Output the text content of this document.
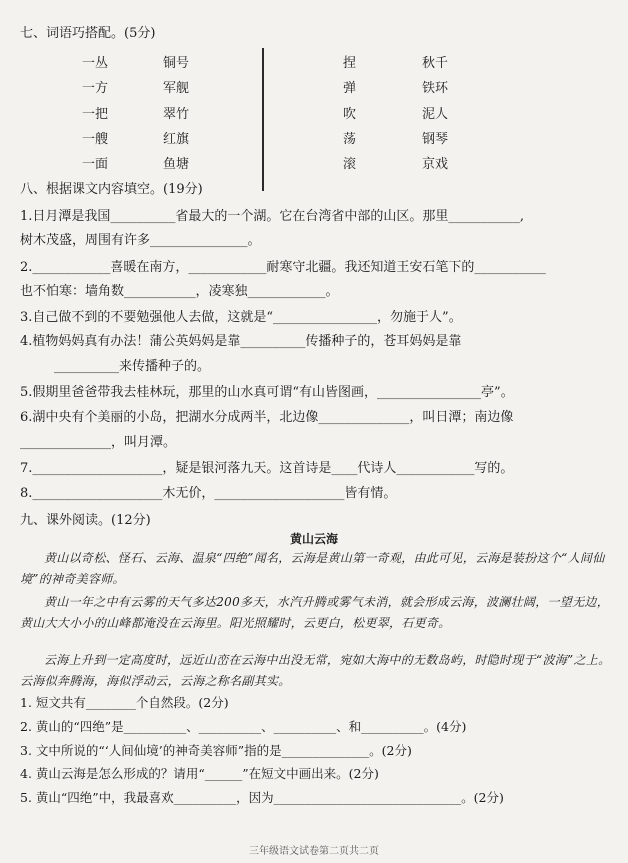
七、词语巧搭配。(5分)
一丛
一方
一把
一艘
一面
铜号
军舰
翠竹
红旗
鱼塘
捏
弹
吹
荡
滚
秋千
铁环
泥人
钢琴
京戏
八、根据课文内容填空。(19分)
1.日月潭是我国__________省最大的一个湖。它在台湾省中部的山区。那里___________,
树木茂盛，周围有许多_______________。
2.____________喜暖在南方，____________耐寒守北疆。我还知道王安石笔下的___________
也不怕寒：墙角数___________，凌寒独____________。
3.自己做不到的不要勉强他人去做，这就是“________________，勿施于人”。
4.植物妈妈真有办法！蒲公英妈妈是靠__________传播种子的，苍耳妈妈是靠
__________来传播种子的。
5.假期里爸爸带我去桂林玩，那里的山水真可谓“有山皆图画，________________亭”。
6.湖中央有个美丽的小岛，把湖水分成两半，北边像______________，叫日潭；南边像
______________，叫月潭。
7.____________________，疑是银河落九天。这首诗是____代诗人____________写的。
8.____________________木无价，____________________皆有情。
九、课外阅读。(12分)
黄山云海
黄山以奇松、怪石、云海、温泉“四绝”闻名，云海是黄山第一奇观，由此可见，云海是装扮这个“人间仙境”的神奇美容师。
黄山一年之中有云雾的天气多达200多天，水汽升腾或雾气未消，就会形成云海，波澜壮阔，一望无边，黄山大大小小的山峰都淹没在云海里。阳光照耀时，云更白，松更翠，石更奇。
云海上升到一定高度时，远近山峦在云海中出没无常，宛如大海中的无数岛屿，时隐时现于“波海”之上。云海似奔腾海，海似浮动云，云海之称名副其实。
1. 短文共有________个自然段。(2分)
2. 黄山的“四绝”是__________、__________、__________、和__________。(4分)
3. 文中所说的“‘人间仙境’的神奇美容师”指的是______________。(2分)
4. 黄山云海是怎么形成的？请用“______”在短文中画出来。(2分)
5. 黄山“四绝”中，我最喜欢__________，因为______________________________。(2分)
三年级语文试卷第二页共二页
